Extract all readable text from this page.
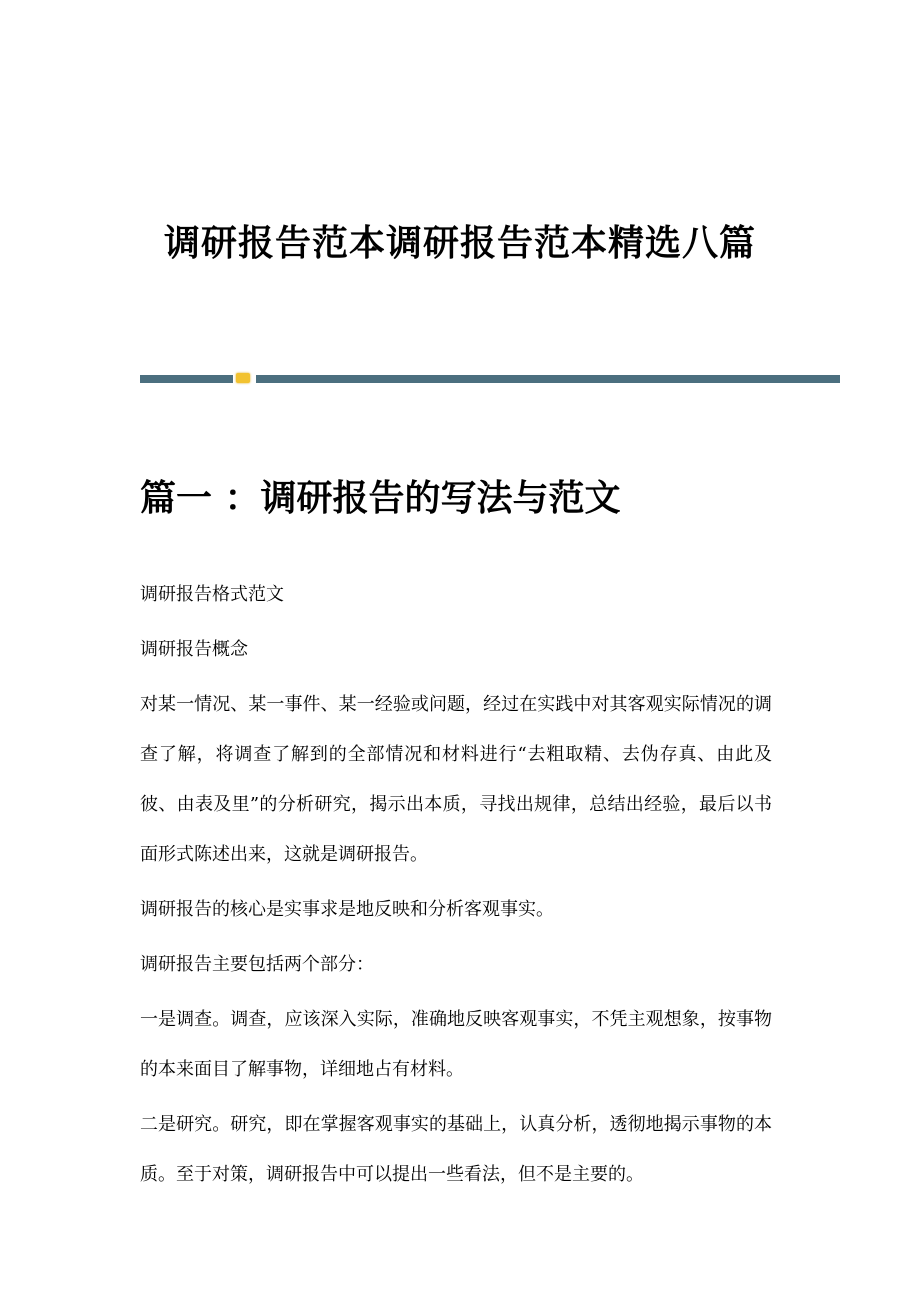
调研报告范本调研报告范本精选八篇
篇一 ：调研报告的写法与范文

调研报告格式范文

调研报告概念

对某一情况、某一事件、某一经验或问题，经过在实践中对其客观实际情况的调查了解，将调查了解到的全部情况和材料进行“去粗取精、去伪存真、由此及彼、由表及里”的分析研究，揭示出本质，寻找出规律，总结出经验，最后以书面形式陈述出来，这就是调研报告。

调研报告的核心是实事求是地反映和分析客观事实。

调研报告主要包括两个部分：

一是调查。调查，应该深入实际，准确地反映客观事实，不凭主观想象，按事物的本来面目了解事物，详细地占有材料。

二是研究。研究，即在掌握客观事实的基础上，认真分析，透彻地揭示事物的本质。至于对策，调研报告中可以提出一些看法，但不是主要的。
